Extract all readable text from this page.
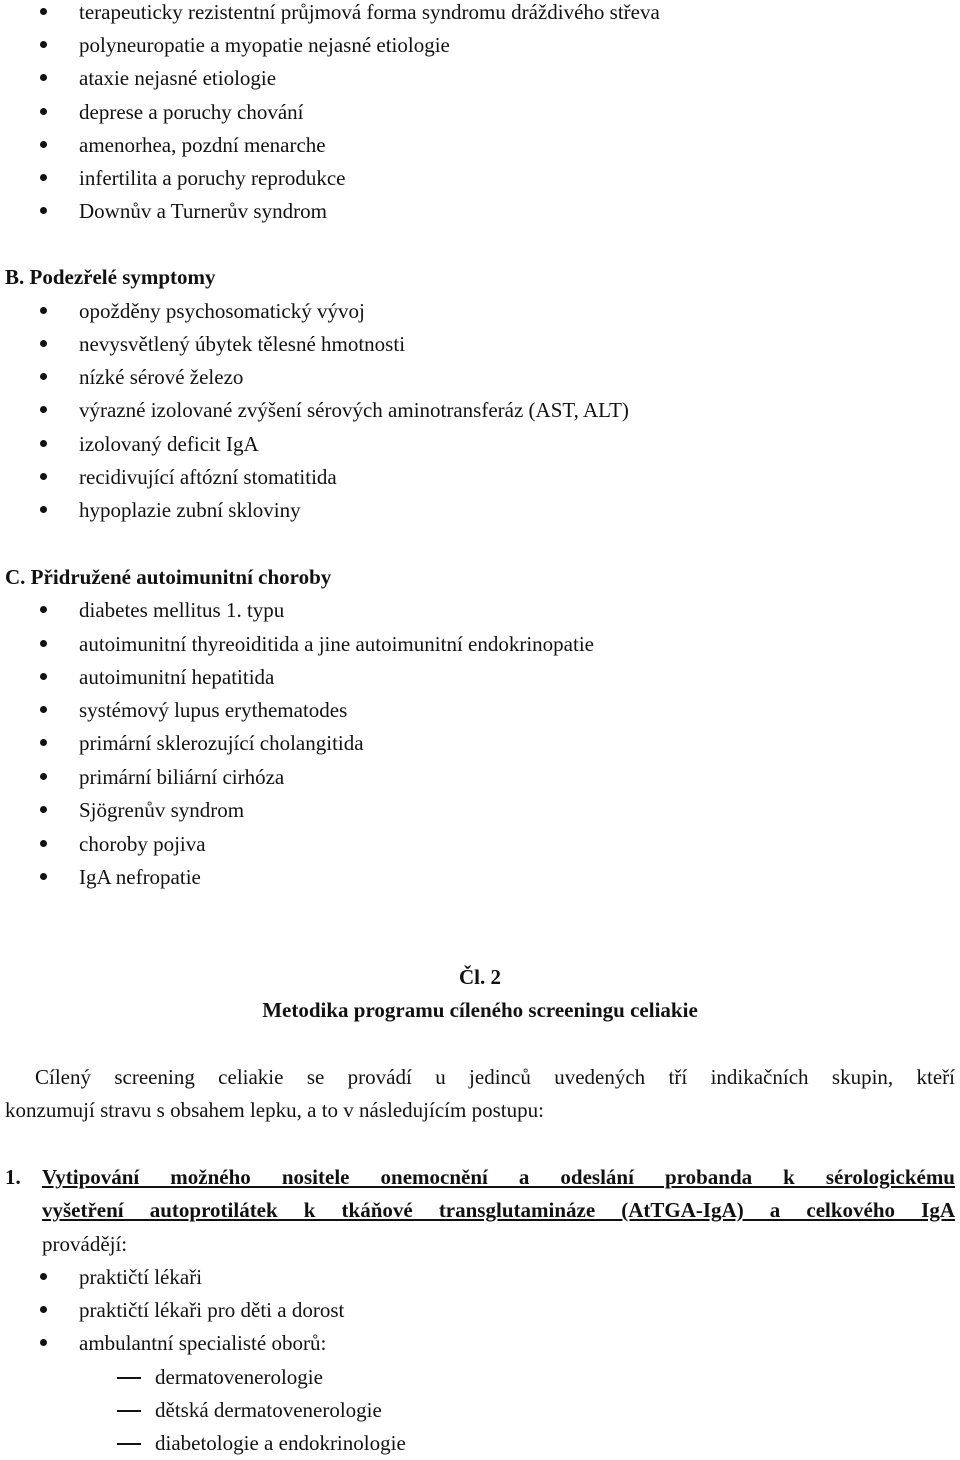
terapeuticky rezistentní průjmová forma syndromu dráždivého střeva
polyneuropatie a myopatie nejasné etiologie
ataxie nejasné etiologie
deprese a poruchy chování
amenorhea, pozdní menarche
infertilita a poruchy reprodukce
Downův a Turnerův syndrom
B. Podezřelé symptomy
opožděny psychosomatický vývoj
nevysvětlený úbytek tělesné hmotnosti
nízké sérové železo
výrazné izolované zvýšení sérových aminotransferáz (AST, ALT)
izolovaný deficit IgA
recidivující aftózní stomatitida
hypoplazie zubní skloviny
C. Přidružené autoimunitní choroby
diabetes mellitus 1. typu
autoimunitní thyreoiditida a jine autoimunitní endokrinopatie
autoimunitní hepatitida
systémový lupus erythematodes
primární sklerozující cholangitida
primární biliární cirhóza
Sjögrenův syndrom
choroby pojiva
IgA nefropatie
Čl. 2
Metodika programu cíleného screeningu celiakie
Cílený screening celiakie se provádí u jedinců uvedených tří indikačních skupin, kteří
konzumují stravu s obsahem lepku, a to v následujícím postupu:
1. Vytipování možného nositele onemocnění a odeslání probanda k sérologickému
vyšetření autoprotilátek k tkáňové transglutamináze (AtTGA-IgA) a celkového IgA
provádějí:
praktičtí lékaři
praktičtí lékaři pro děti a dorost
ambulantní specialisté oborů:
dermatovenerologie
dětská dermatovenerologie
diabetologie a endokrinologie
